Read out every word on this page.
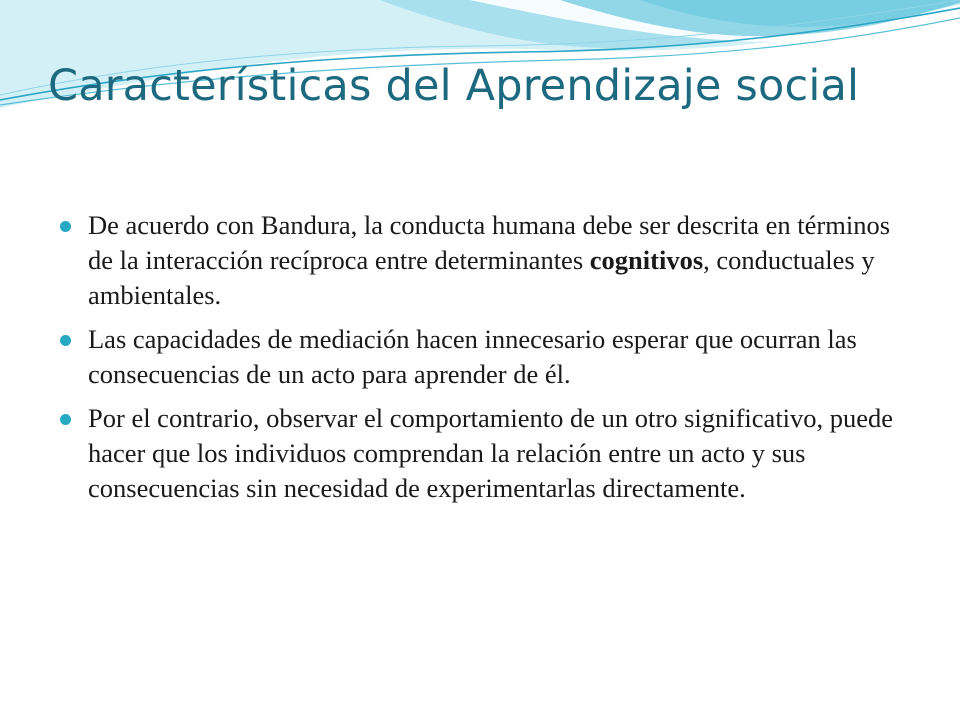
Características del Aprendizaje social
De acuerdo con Bandura, la conducta humana debe ser descrita en términos de la interacción recíproca entre determinantes cognitivos, conductuales y ambientales.
Las capacidades de mediación hacen innecesario esperar que ocurran las consecuencias de un acto para aprender de él.
Por el contrario, observar el comportamiento de un otro significativo, puede hacer que los individuos comprendan la relación entre un acto y sus consecuencias sin necesidad de experimentarlas directamente.
